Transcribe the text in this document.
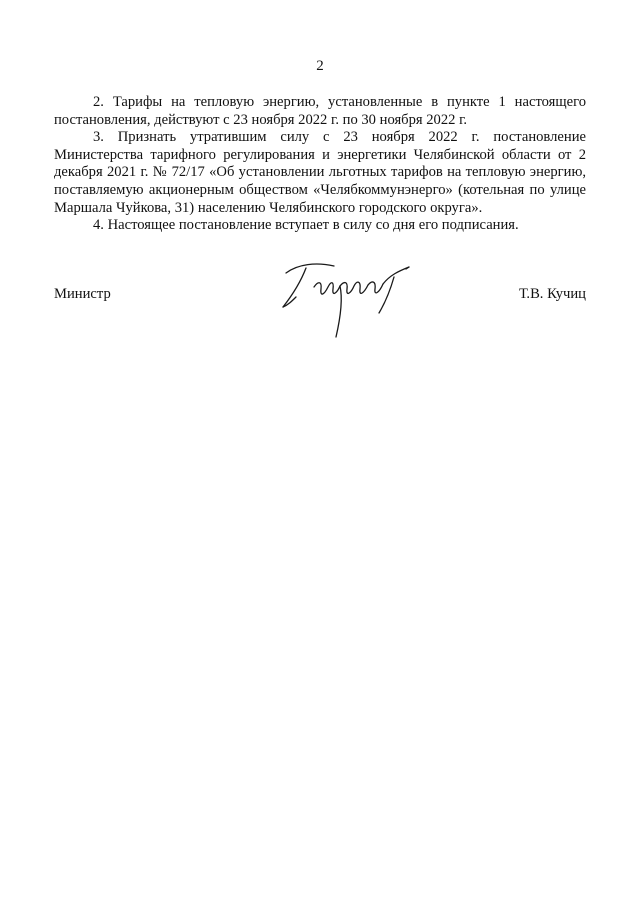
2

2. Тарифы на тепловую энергию, установленные в пункте 1 настоящего постановления, действуют с 23 ноября 2022 г. по 30 ноября 2022 г.

3. Признать утратившим силу с 23 ноября 2022 г. постановление Министерства тарифного регулирования и энергетики Челябинской области от 2 декабря 2021 г. № 72/17 «Об установлении льготных тарифов на тепловую энергию, поставляемую акционерным обществом «Челябкоммунэнерго» (котельная по улице Маршала Чуйкова, 31) населению Челябинского городского округа».

4. Настоящее постановление вступает в силу со дня его подписания.

Министр	Т.В. Кучиц
